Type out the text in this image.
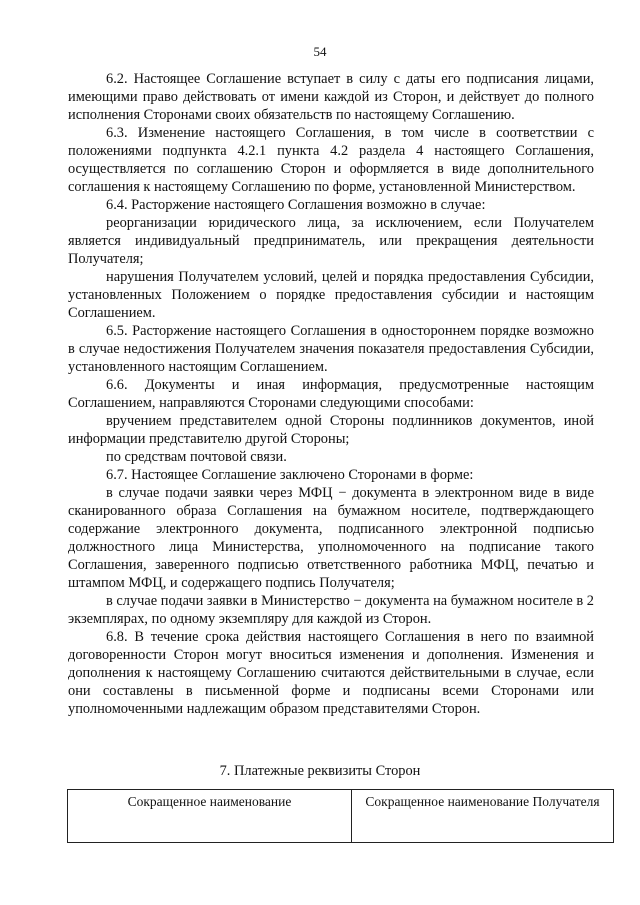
54

6.2. Настоящее Соглашение вступает в силу с даты его подписания лицами, имеющими право действовать от имени каждой из Сторон, и действует до полного исполнения Сторонами своих обязательств по настоящему Соглашению.

6.3. Изменение настоящего Соглашения, в том числе в соответствии с положениями подпункта 4.2.1 пункта 4.2 раздела 4 настоящего Соглашения, осуществляется по соглашению Сторон и оформляется в виде дополнительного соглашения к настоящему Соглашению по форме, установленной Министерством.

6.4. Расторжение настоящего Соглашения возможно в случае:

реорганизации юридического лица, за исключением, если Получателем является индивидуальный предприниматель, или прекращения деятельности Получателя;

нарушения Получателем условий, целей и порядка предоставления Субсидии, установленных Положением о порядке предоставления субсидии и настоящим Соглашением.

6.5. Расторжение настоящего Соглашения в одностороннем порядке возможно в случае недостижения Получателем значения показателя предоставления Субсидии, установленного настоящим Соглашением.

6.6. Документы и иная информация, предусмотренные настоящим Соглашением, направляются Сторонами следующими способами:

вручением представителем одной Стороны подлинников документов, иной информации представителю другой Стороны;

по средствам почтовой связи.

6.7. Настоящее Соглашение заключено Сторонами в форме:

в случае подачи заявки через МФЦ − документа в электронном виде в виде сканированного образа Соглашения на бумажном носителе, подтверждающего содержание электронного документа, подписанного электронной подписью должностного лица Министерства, уполномоченного на подписание такого Соглашения, заверенного подписью ответственного работника МФЦ, печатью и штампом МФЦ, и содержащего подпись Получателя;

в случае подачи заявки в Министерство − документа на бумажном носителе в 2 экземплярах, по одному экземпляру для каждой из Сторон.

6.8. В течение срока действия настоящего Соглашения в него по взаимной договоренности Сторон могут вноситься изменения и дополнения. Изменения и дополнения к настоящему Соглашению считаются действительными в случае, если они составлены в письменной форме и подписаны всеми Сторонами или уполномоченными надлежащим образом представителями Сторон.

7. Платежные реквизиты Сторон
Сокращенное наименование	Сокращенное наименование Получателя
